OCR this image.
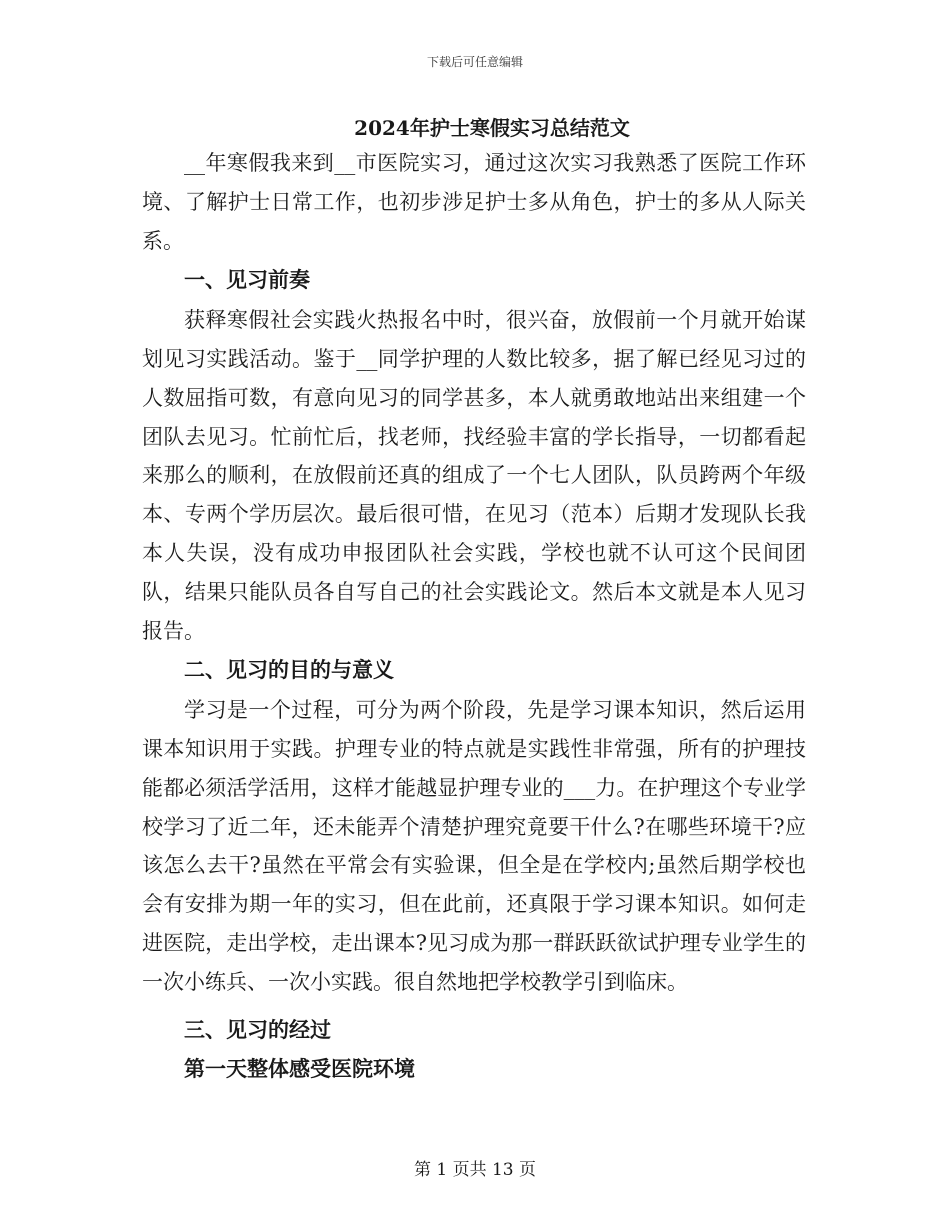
下载后可任意编辑
2024年护士寒假实习总结范文

__年寒假我来到__市医院实习，通过这次实习我熟悉了医院工作环境、了解护士日常工作，也初步涉足护士多从角色，护士的多从人际关系。

一、见习前奏

获释寒假社会实践火热报名中时，很兴奋，放假前一个月就开始谋划见习实践活动。鉴于__同学护理的人数比较多，据了解已经见习过的人数屈指可数，有意向见习的同学甚多，本人就勇敢地站出来组建一个团队去见习。忙前忙后，找老师，找经验丰富的学长指导，一切都看起来那么的顺利，在放假前还真的组成了一个七人团队，队员跨两个年级本、专两个学历层次。最后很可惜，在见习（范本）后期才发现队长我本人失误，没有成功申报团队社会实践，学校也就不认可这个民间团队，结果只能队员各自写自己的社会实践论文。然后本文就是本人见习报告。

二、见习的目的与意义

学习是一个过程，可分为两个阶段，先是学习课本知识，然后运用课本知识用于实践。护理专业的特点就是实践性非常强，所有的护理技能都必须活学活用，这样才能越显护理专业的___力。在护理这个专业学校学习了近二年，还未能弄个清楚护理究竟要干什么?在哪些环境干?应该怎么去干?虽然在平常会有实验课，但全是在学校内;虽然后期学校也会有安排为期一年的实习，但在此前，还真限于学习课本知识。如何走进医院，走出学校，走出课本?见习成为那一群跃跃欲试护理专业学生的一次小练兵、一次小实践。很自然地把学校教学引到临床。

三、见习的经过

第一天整体感受医院环境

第 1 页共 13 页
